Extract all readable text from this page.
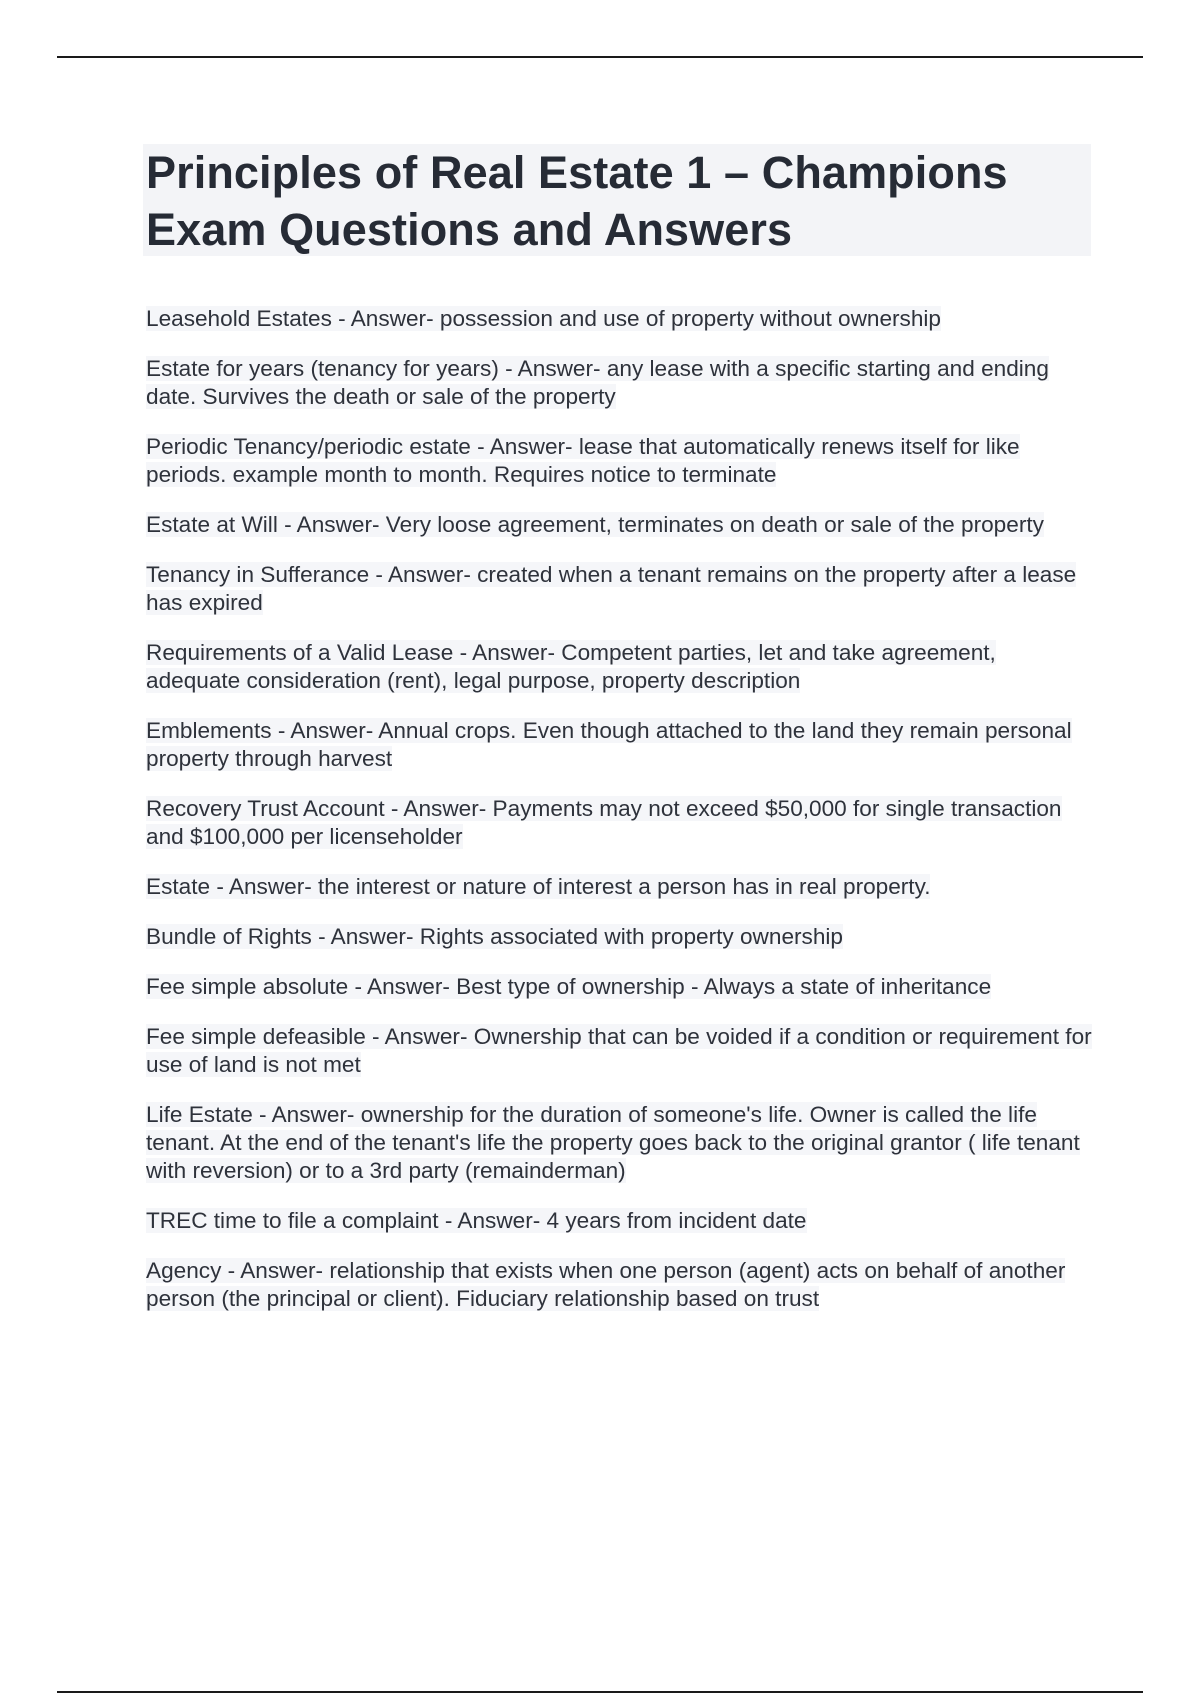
Principles of Real Estate 1 – Champions Exam Questions and Answers

Leasehold Estates - Answer- possession and use of property without ownership

Estate for years (tenancy for years) - Answer- any lease with a specific starting and ending date. Survives the death or sale of the property

Periodic Tenancy/periodic estate - Answer- lease that automatically renews itself for like periods. example month to month. Requires notice to terminate

Estate at Will - Answer- Very loose agreement, terminates on death or sale of the property

Tenancy in Sufferance - Answer- created when a tenant remains on the property after a lease has expired

Requirements of a Valid Lease - Answer- Competent parties, let and take agreement, adequate consideration (rent), legal purpose, property description

Emblements - Answer- Annual crops. Even though attached to the land they remain personal property through harvest

Recovery Trust Account - Answer- Payments may not exceed $50,000 for single transaction and $100,000 per licenseholder

Estate - Answer- the interest or nature of interest a person has in real property.

Bundle of Rights - Answer- Rights associated with property ownership

Fee simple absolute - Answer- Best type of ownership - Always a state of inheritance

Fee simple defeasible - Answer- Ownership that can be voided if a condition or requirement for use of land is not met

Life Estate - Answer- ownership for the duration of someone's life. Owner is called the life tenant. At the end of the tenant's life the property goes back to the original grantor ( life tenant with reversion) or to a 3rd party (remainderman)

TREC time to file a complaint - Answer- 4 years from incident date

Agency - Answer- relationship that exists when one person (agent) acts on behalf of another person (the principal or client). Fiduciary relationship based on trust
